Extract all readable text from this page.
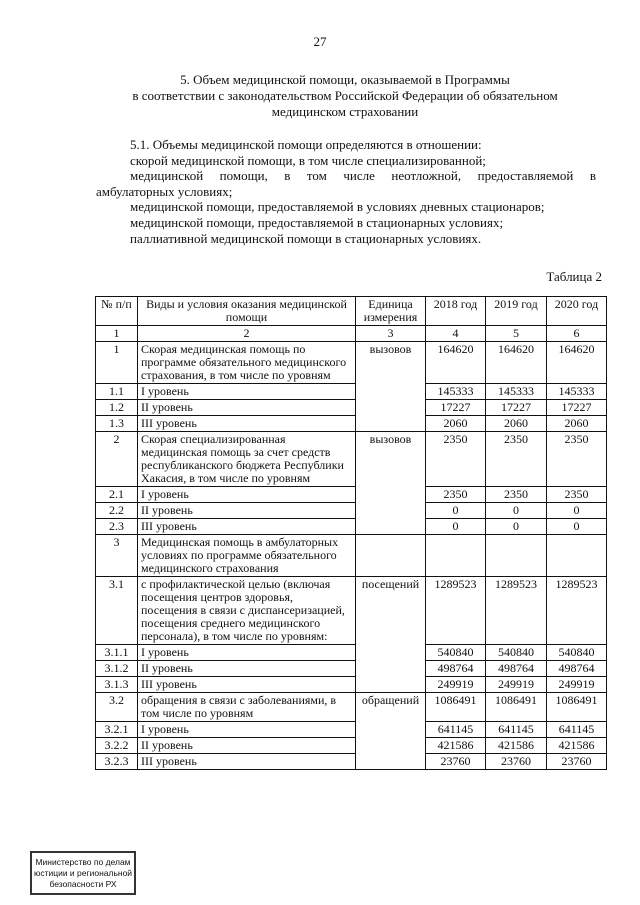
27
5. Объем медицинской помощи, оказываемой в Программы
в соответствии с законодательством Российской Федерации об обязательном
медицинском страховании

5.1. Объемы медицинской помощи определяются в отношении:

скорой медицинской помощи, в том числе специализированной;

медицинской помощи, в том числе неотложной, предоставляемой в

амбулаторных условиях;

медицинской помощи, предоставляемой в условиях дневных стационаров;

медицинской помощи, предоставляемой в стационарных условиях;

паллиативной медицинской помощи в стационарных условиях.

Таблица 2
№ п/п	Виды и условия оказания медицинской помощи	Единица измерения	2018 год	2019 год	2020 год
1	2	3	4	5	6
1	Скорая медицинская помощь по программе обязательного медицинского страхования, в том числе по уровням	вызовов	164620	164620	164620
1.1	I уровень		145333	145333	145333
1.2	II уровень		17227	17227	17227
1.3	III уровень		2060	2060	2060
2	Скорая специализированная медицинская помощь за счет средств республиканского бюджета Республики Хакасия, в том числе по уровням	вызовов	2350	2350	2350
2.1	I уровень		2350	2350	2350
2.2	II уровень		0	0	0
2.3	III уровень		0	0	0
3	Медицинская помощь в амбулаторных условиях по программе обязательного медицинского страхования				
3.1	с профилактической целью (включая посещения центров здоровья, посещения в связи с диспансеризацией, посещения среднего медицинского персонала), в том числе по уровням:	посещений	1289523	1289523	1289523
3.1.1	I уровень		540840	540840	540840
3.1.2	II уровень		498764	498764	498764
3.1.3	III уровень		249919	249919	249919
3.2	обращения в связи с заболеваниями, в том числе по уровням	обращений	1086491	1086491	1086491
3.2.1	I уровень		641145	641145	641145
3.2.2	II уровень		421586	421586	421586
3.2.3	III уровень		23760	23760	23760
Министерство по делам
юстиции и региональной
безопасности РХ
